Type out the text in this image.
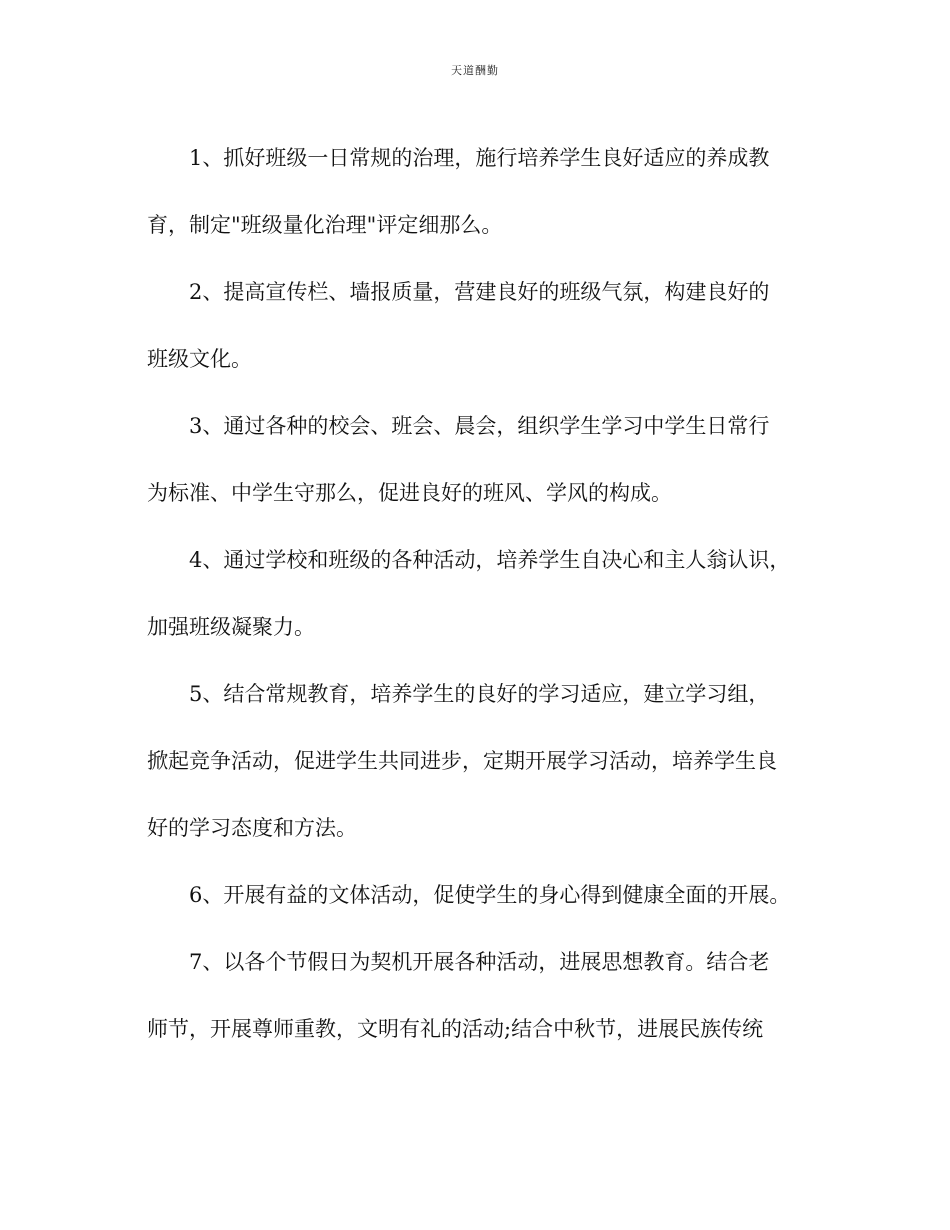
天道酬勤
1、抓好班级一日常规的治理，施行培养学生良好适应的养成教
育，制定"班级量化治理"评定细那么。
2、提高宣传栏、墙报质量，营建良好的班级气氛，构建良好的
班级文化。
3、通过各种的校会、班会、晨会，组织学生学习中学生日常行
为标准、中学生守那么，促进良好的班风、学风的构成。
4、通过学校和班级的各种活动，培养学生自决心和主人翁认识，
加强班级凝聚力。
5、结合常规教育，培养学生的良好的学习适应，建立学习组，
掀起竞争活动，促进学生共同进步，定期开展学习活动，培养学生良
好的学习态度和方法。
6、开展有益的文体活动，促使学生的身心得到健康全面的开展。
7、以各个节假日为契机开展各种活动，进展思想教育。结合老
师节，开展尊师重教，文明有礼的活动;结合中秋节，进展民族传统
